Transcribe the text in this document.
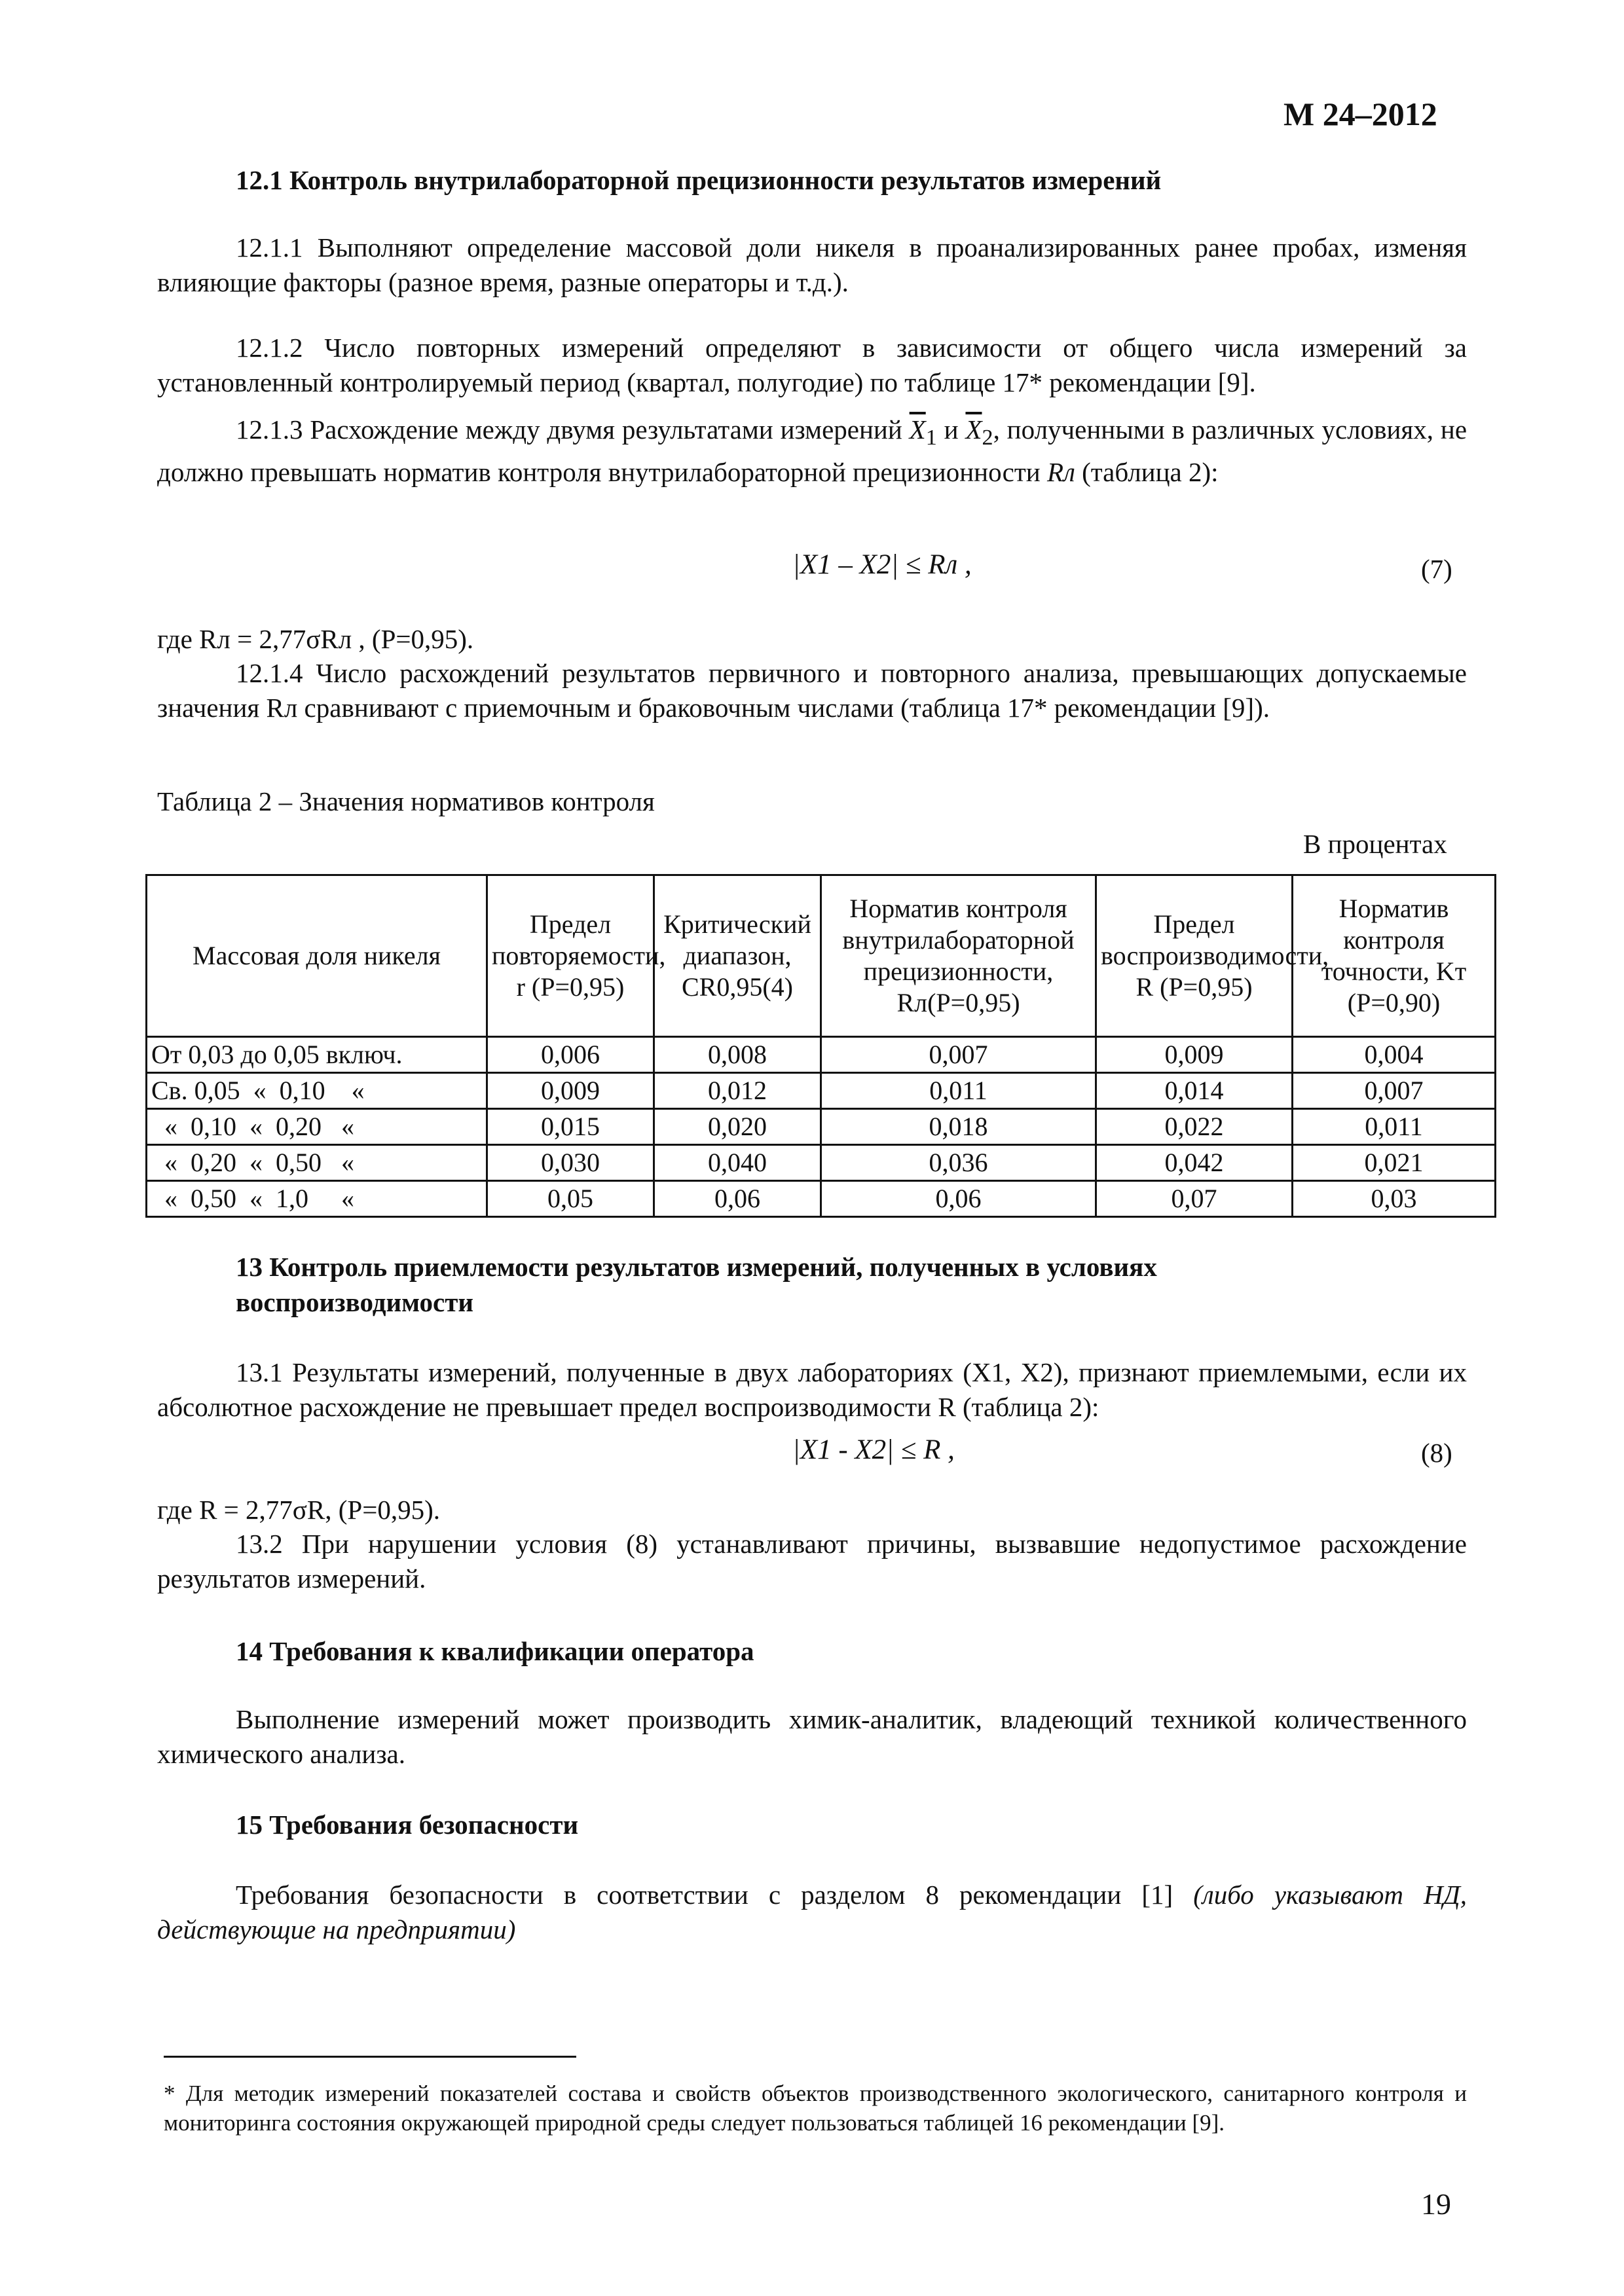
М 24–2012
12.1 Контроль внутрилабораторной прецизионности результатов измерений
12.1.1 Выполняют определение массовой доли никеля в проанализированных ранее пробах, изменяя влияющие факторы (разное время, разные операторы и т.д.).
12.1.2 Число повторных измерений определяют в зависимости от общего числа измерений за установленный контролируемый период (квартал, полугодие) по таблице 17* рекомендации [9].
12.1.3 Расхождение между двумя результатами измерений $\overline{X}_1$ и $\overline{X}_2$, полученными в различных условиях, не должно превышать норматив контроля внутрилабораторной прецизионности Rл (таблица 2):
|X1 – X2| ≤ Rл ,	(7)
где Rл = 2,77σRл , (P=0,95).
12.1.4 Число расхождений результатов первичного и повторного анализа, превышающих допускаемые значения Rл сравнивают с приемочным и браковочным числами (таблица 17* рекомендации [9]).
Таблица 2 – Значения нормативов контроля
В процентах
Массовая доля никеля	Предел повторяемости, r (P=0,95)	Критический диапазон, CR0,95(4)	Норматив контроля внутрилабораторной прецизионности, Rл(P=0,95)	Предел воспроизводимости, R (P=0,95)	Норматив контроля точности, Kт (P=0,90)
От 0,03 до 0,05 включ.	0,006	0,008	0,007	0,009	0,004
Св. 0,05  «  0,10    «	0,009	0,012	0,011	0,014	0,007
«  0,10  «  0,20   «	0,015	0,020	0,018	0,022	0,011
«  0,20  «  0,50   «	0,030	0,040	0,036	0,042	0,021
«  0,50  «  1,0     «	0,05	0,06	0,06	0,07	0,03
13 Контроль приемлемости результатов измерений, полученных в условиях воспроизводимости
13.1 Результаты измерений, полученные в двух лабораториях (X1, X2), признают приемлемыми, если их абсолютное расхождение не превышает предел воспроизводимости R (таблица 2):
|X1 - X2| ≤ R ,	(8)
где R = 2,77σR, (P=0,95).
13.2 При нарушении условия (8) устанавливают причины, вызвавшие недопустимое расхождение результатов измерений.
14 Требования к квалификации оператора
Выполнение измерений может производить химик-аналитик, владеющий техникой количественного химического анализа.
15 Требования безопасности
Требования безопасности в соответствии с разделом 8 рекомендации [1] (либо указывают НД, действующие на предприятии)
* Для методик измерений показателей состава и свойств объектов производственного экологического, санитарного контроля и мониторинга состояния окружающей природной среды следует пользоваться таблицей 16 рекомендации [9].
19
